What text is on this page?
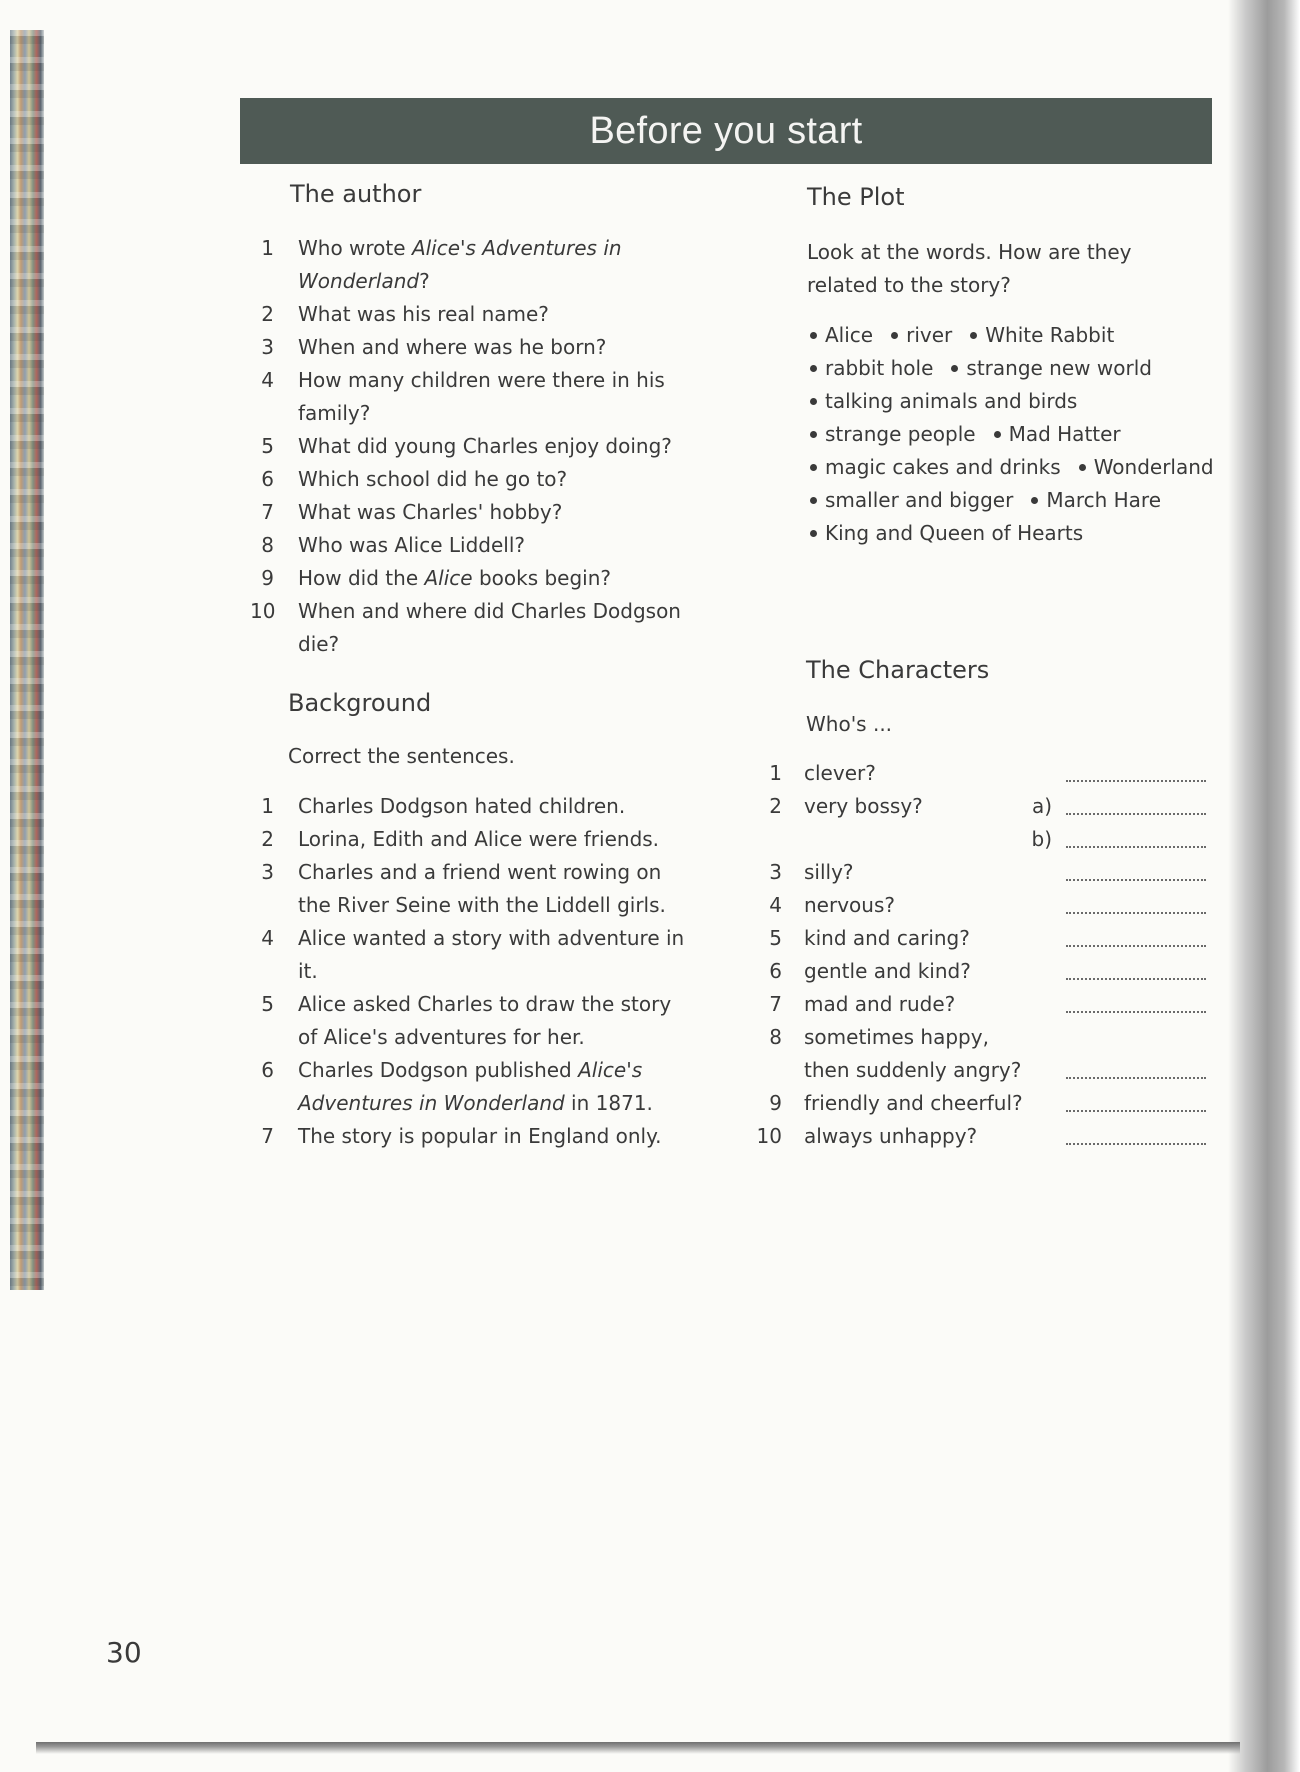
Before you start
The author
1 Who wrote Alice's Adventures in Wonderland?
2 What was his real name?
3 When and where was he born?
4 How many children were there in his family?
5 What did young Charles enjoy doing?
6 Which school did he go to?
7 What was Charles' hobby?
8 Who was Alice Liddell?
9 How did the Alice books begin?
10 When and where did Charles Dodgson die?
Background
Correct the sentences.
1 Charles Dodgson hated children.
2 Lorina, Edith and Alice were friends.
3 Charles and a friend went rowing on the River Seine with the Liddell girls.
4 Alice wanted a story with adventure in it.
5 Alice asked Charles to draw the story of Alice's adventures for her.
6 Charles Dodgson published Alice's Adventures in Wonderland in 1871.
7 The story is popular in England only.
The Plot
Look at the words. How are they related to the story?
Alice river White Rabbit
rabbit hole strange new world
talking animals and birds
strange people Mad Hatter
magic cakes and drinks Wonderland
smaller and bigger March Hare
King and Queen of Hearts
The Characters
Who's ...
1 clever?
2 very bossy?	a)
b)
3 silly?
4 nervous?
5 kind and caring?
6 gentle and kind?
7 mad and rude?
8 sometimes happy,
then suddenly angry?
9 friendly and cheerful?
10 always unhappy?
30
